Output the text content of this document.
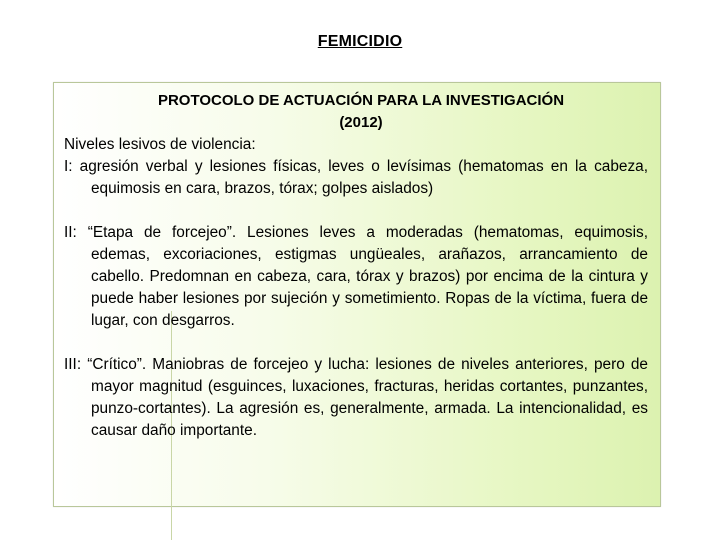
FEMICIDIO
PROTOCOLO DE ACTUACIÓN PARA LA INVESTIGACIÓN
(2012)

Niveles lesivos de violencia:

I: agresión verbal y lesiones físicas, leves o levísimas (hematomas en la cabeza, equimosis en cara, brazos, tórax; golpes aislados)

II: “Etapa de forcejeo”. Lesiones leves a moderadas (hematomas, equimosis, edemas, excoriaciones, estigmas ungüeales, arañazos, arrancamiento de cabello. Predomnan en cabeza, cara, tórax y brazos) por encima de la cintura y puede haber lesiones por sujeción y sometimiento. Ropas de la víctima, fuera de lugar, con desgarros.

III: “Crítico”. Maniobras de forcejeo y lucha: lesiones de niveles anteriores, pero de mayor magnitud (esguinces, luxaciones, fracturas, heridas cortantes, punzantes, punzo-cortantes). La agresión es, generalmente, armada. La intencionalidad, es causar daño importante.
